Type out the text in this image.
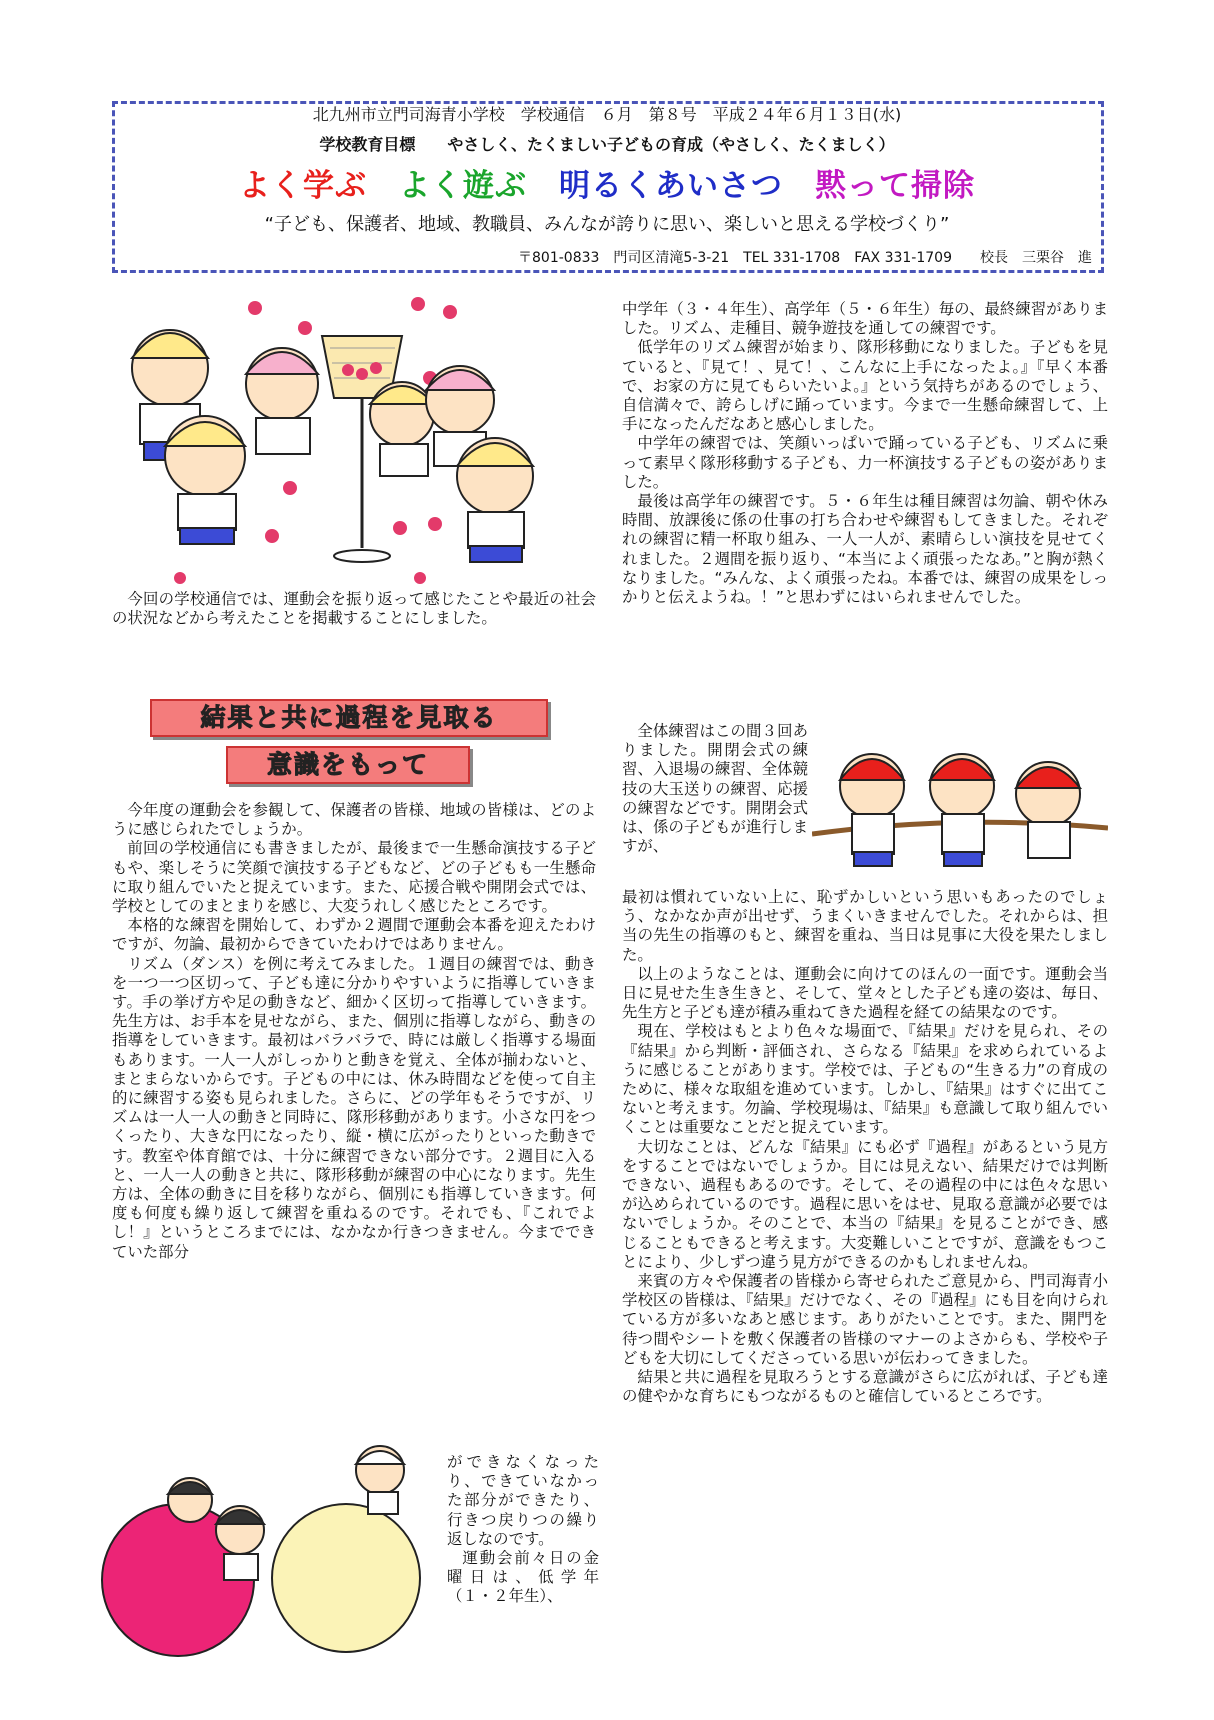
北九州市立門司海青小学校　学校通信　６月　第８号　平成２４年６月１３日(水)
学校教育目標　　やさしく、たくましい子どもの育成（やさしく、たくましく）
よく学ぶ よく遊ぶ 明るくあいさつ 黙って掃除
“子ども、保護者、地域、教職員、みんなが誇りに思い、楽しいと思える学校づくり”
〒801-0833　門司区清滝5-3-21　TEL 331-1708　FAX 331-1709　　校長　三栗谷　進

今回の学校通信では、運動会を振り返って感じたことや最近の社会の状況などから考えたことを掲載することにしました。

結果と共に過程を見取る
意識をもって

今年度の運動会を参観して、保護者の皆様、地域の皆様は、どのように感じられたでしょうか。

前回の学校通信にも書きましたが、最後まで一生懸命演技する子どもや、楽しそうに笑顔で演技する子どもなど、どの子どもも一生懸命に取り組んでいたと捉えています。また、応援合戦や開閉会式では、学校としてのまとまりを感じ、大変うれしく感じたところです。

本格的な練習を開始して、わずか２週間で運動会本番を迎えたわけですが、勿論、最初からできていたわけではありません。

リズム（ダンス）を例に考えてみました。１週目の練習では、動きを一つ一つ区切って、子ども達に分かりやすいように指導していきます。手の挙げ方や足の動きなど、細かく区切って指導していきます。先生方は、お手本を見せながら、また、個別に指導しながら、動きの指導をしていきます。最初はバラバラで、時には厳しく指導する場面もあります。一人一人がしっかりと動きを覚え、全体が揃わないと、まとまらないからです。子どもの中には、休み時間などを使って自主的に練習する姿も見られました。さらに、どの学年もそうですが、リズムは一人一人の動きと同時に、隊形移動があります。小さな円をつくったり、大きな円になったり、縦・横に広がったりといった動きです。教室や体育館では、十分に練習できない部分です。２週目に入ると、一人一人の動きと共に、隊形移動が練習の中心になります。先生方は、全体の動きに目を移りながら、個別にも指導していきます。何度も何度も繰り返して練習を重ねるのです。それでも、『これでよし！』というところまでには、なかなか行きつきません。今までできていた部分

ができなくなったり、できていなかった部分ができたり、行きつ戻りつの繰り返しなのです。

運動会前々日の金曜日は、低学年（１・２年生）、

中学年（３・４年生）、高学年（５・６年生）毎の、最終練習がありました。リズム、走種目、競争遊技を通しての練習です。

低学年のリズム練習が始まり、隊形移動になりました。子どもを見ていると、『見て！、見て！、こんなに上手になったよ。』『早く本番で、お家の方に見てもらいたいよ。』という気持ちがあるのでしょう、自信満々で、誇らしげに踊っています。今まで一生懸命練習して、上手になったんだなあと感心しました。

中学年の練習では、笑顔いっぱいで踊っている子ども、リズムに乗って素早く隊形移動する子ども、力一杯演技する子どもの姿がありました。

最後は高学年の練習です。５・６年生は種目練習は勿論、朝や休み時間、放課後に係の仕事の打ち合わせや練習もしてきました。それぞれの練習に精一杯取り組み、一人一人が、素晴らしい演技を見せてくれました。２週間を振り返り、“本当によく頑張ったなあ。”と胸が熱くなりました。“みんな、よく頑張ったね。本番では、練習の成果をしっかりと伝えようね。！”と思わずにはいられませんでした。

全体練習はこの間３回ありました。開閉会式の練習、入退場の練習、全体競技の大玉送りの練習、応援の練習などです。開閉会式は、係の子どもが進行しますが、

最初は慣れていない上に、恥ずかしいという思いもあったのでしょう、なかなか声が出せず、うまくいきませんでした。それからは、担当の先生の指導のもと、練習を重ね、当日は見事に大役を果たしました。

以上のようなことは、運動会に向けてのほんの一面です。運動会当日に見せた生き生きと、そして、堂々とした子ども達の姿は、毎日、先生方と子ども達が積み重ねてきた過程を経ての結果なのです。

現在、学校はもとより色々な場面で、『結果』だけを見られ、その『結果』から判断・評価され、さらなる『結果』を求められているように感じることがあります。学校では、子どもの“生きる力”の育成のために、様々な取組を進めています。しかし、『結果』はすぐに出てこないと考えます。勿論、学校現場は、『結果』も意識して取り組んでいくことは重要なことだと捉えています。

大切なことは、どんな『結果』にも必ず『過程』があるという見方をすることではないでしょうか。目には見えない、結果だけでは判断できない、過程もあるのです。そして、その過程の中には色々な思いが込められているのです。過程に思いをはせ、見取る意識が必要ではないでしょうか。そのことで、本当の『結果』を見ることができ、感じることもできると考えます。大変難しいことですが、意識をもつことにより、少しずつ違う見方ができるのかもしれませんね。

来賓の方々や保護者の皆様から寄せられたご意見から、門司海青小学校区の皆様は、『結果』だけでなく、その『過程』にも目を向けられている方が多いなあと感じます。ありがたいことです。また、開門を待つ間やシートを敷く保護者の皆様のマナーのよさからも、学校や子どもを大切にしてくださっている思いが伝わってきました。

結果と共に過程を見取ろうとする意識がさらに広がれば、子ども達の健やかな育ちにもつながるものと確信しているところです。
